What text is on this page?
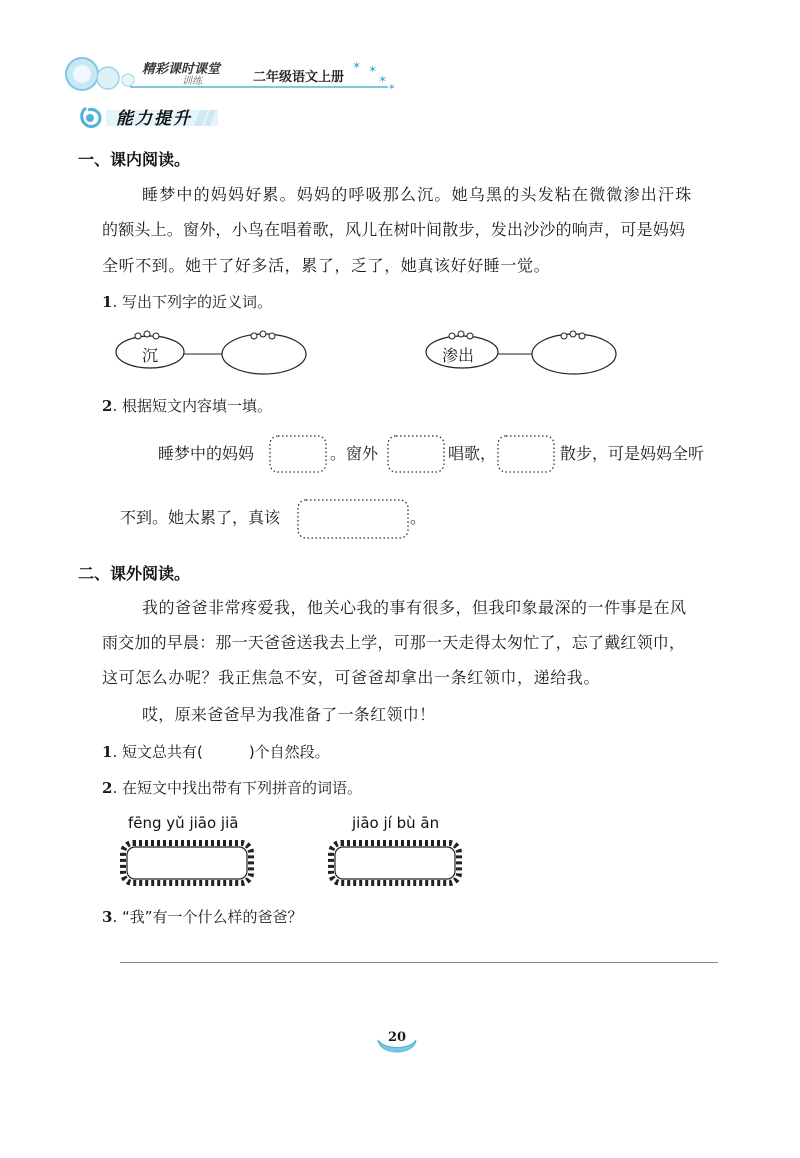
精彩课时课堂
训练	二年级语文上册
✶ ✶
✶
✶
能力提升
一、课内阅读。
睡梦中的妈妈好累。妈妈的呼吸那么沉。她乌黑的头发粘在微微渗出汗珠
的额头上。窗外，小鸟在唱着歌，风儿在树叶间散步，发出沙沙的响声，可是妈妈
全听不到。她干了好多活，累了，乏了，她真该好好睡一觉。
1. 写出下列字的近义词。
沉	渗出
2. 根据短文内容填一填。
睡梦中的妈妈	。窗外	唱歌，	散步，可是妈妈全听
不到。她太累了，真该	。
二、课外阅读。
我的爸爸非常疼爱我，他关心我的事有很多，但我印象最深的一件事是在风
雨交加的早晨：那一天爸爸送我去上学，可那一天走得太匆忙了，忘了戴红领巾，
这可怎么办呢？我正焦急不安，可爸爸却拿出一条红领巾，递给我。
哎，原来爸爸早为我准备了一条红领巾！
1. 短文总共有(	)个自然段。
2. 在短文中找出带有下列拼音的词语。
fēng yǔ jiāo jiā	jiāo jí bù ān
3. “我”有一个什么样的爸爸？
20
